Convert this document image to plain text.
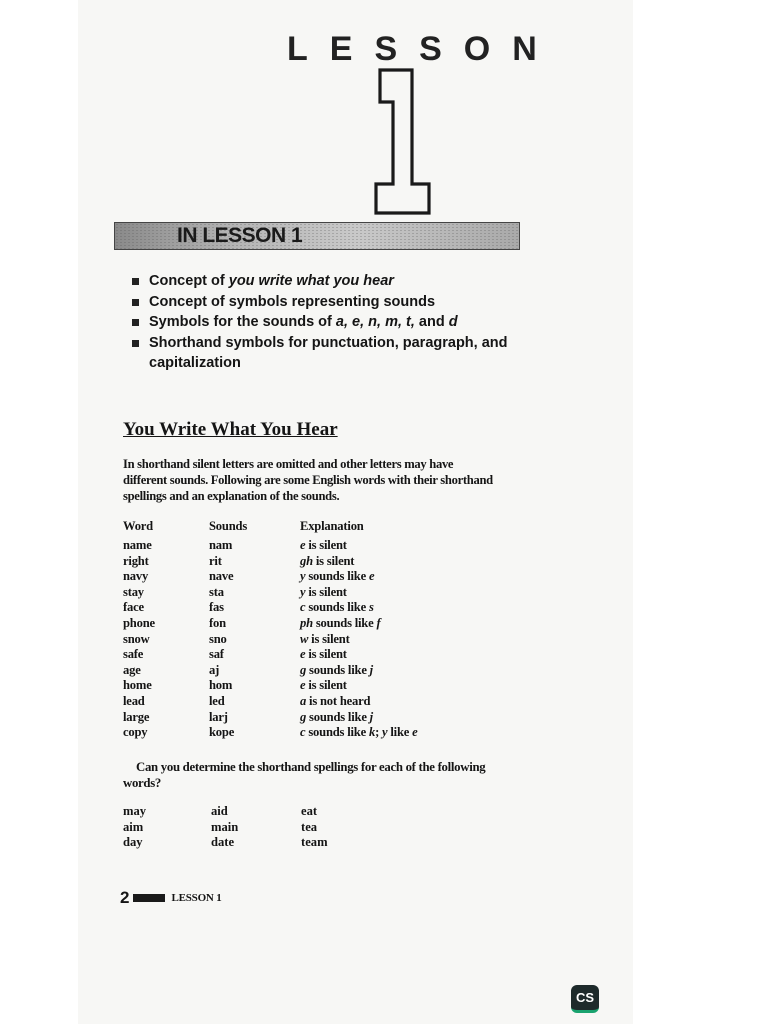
LESSON
IN LESSON 1
Concept of you write what you hear
Concept of symbols representing sounds
Symbols for the sounds of a, e, n, m, t, and d
Shorthand symbols for punctuation, paragraph, and capitalization
You Write What You Hear
In shorthand silent letters are omitted and other letters may have different sounds. Following are some English words with their shorthand spellings and an explanation of the sounds.
Word	Sounds	Explanation
name	nam	e is silent
right	rit	gh is silent
navy	nave	y sounds like e
stay	sta	y is silent
face	fas	c sounds like s
phone	fon	ph sounds like f
snow	sno	w is silent
safe	saf	e is silent
age	aj	g sounds like j
home	hom	e is silent
lead	led	a is not heard
large	larj	g sounds like j
copy	kope	c sounds like k; y like e
Can you determine the shorthand spellings for each of the following words?
may	aid	eat
aim	main	tea
day	date	team
2	LESSON 1
CS
